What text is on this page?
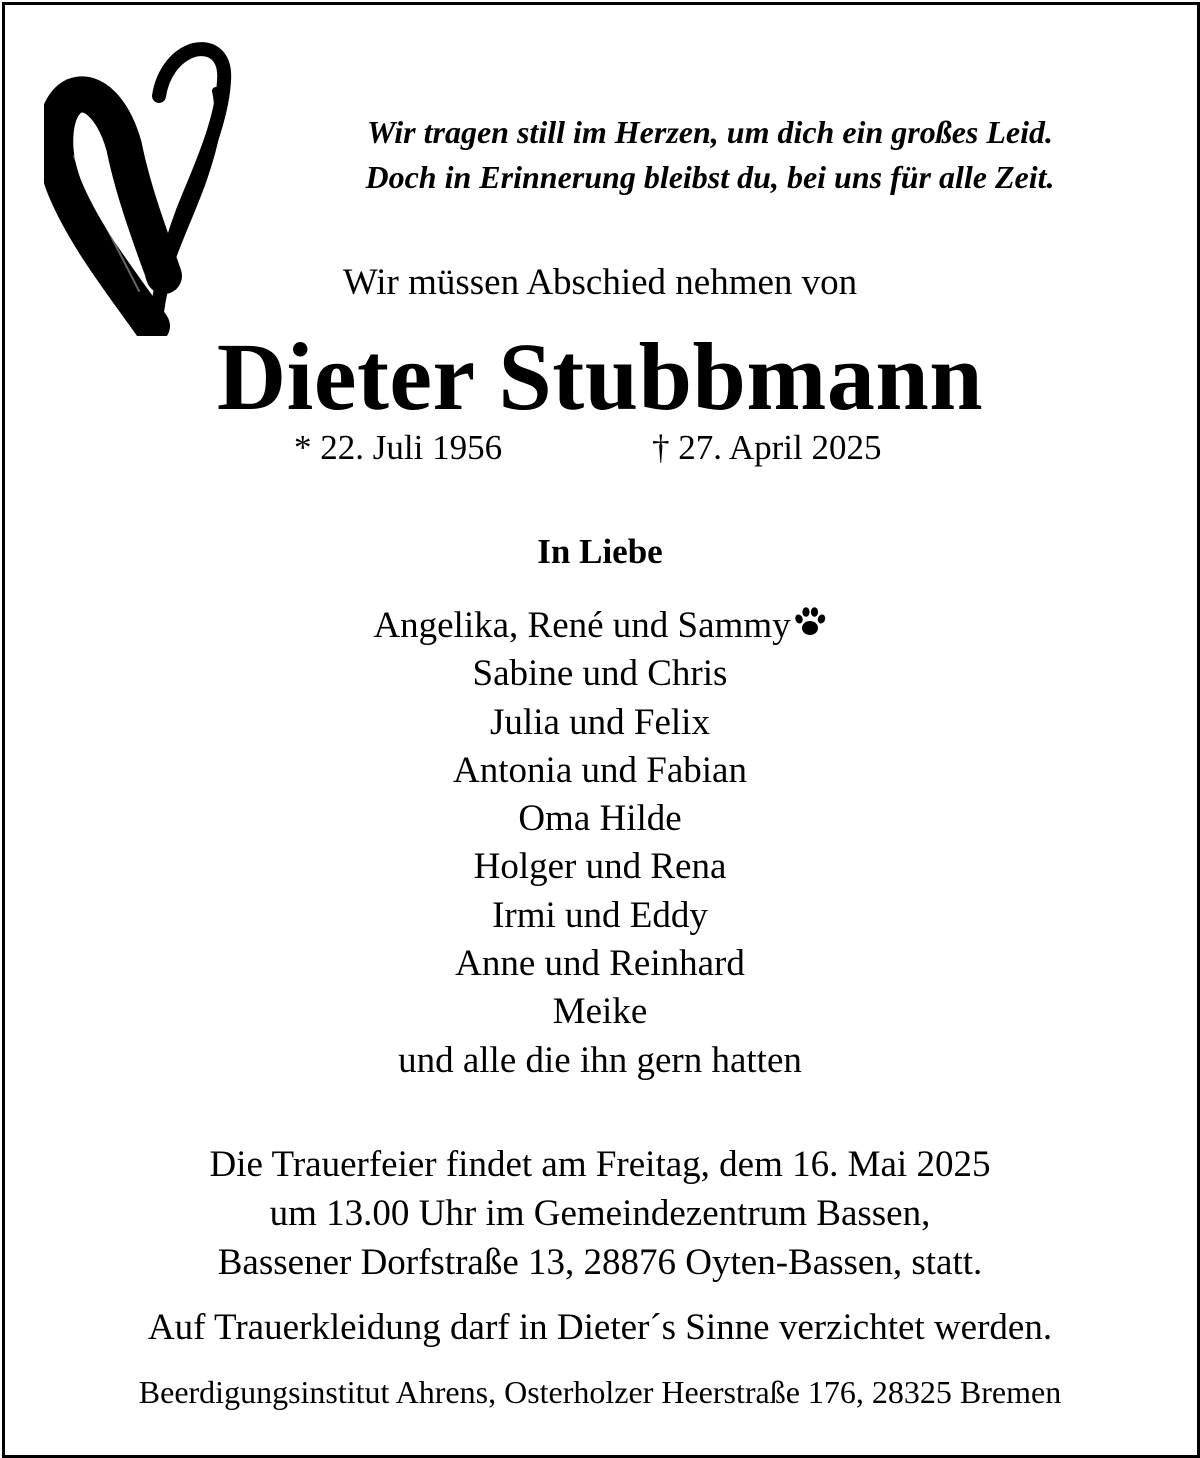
Wir tragen still im Herzen, um dich ein großes Leid.
Doch in Erinnerung bleibst du, bei uns für alle Zeit.
Wir müssen Abschied nehmen von
Dieter Stubbmann
* 22. Juli 1956	† 27. April 2025
In Liebe
Angelika, René und Sammy
Sabine und Chris
Julia und Felix
Antonia und Fabian
Oma Hilde
Holger und Rena
Irmi und Eddy
Anne und Reinhard
Meike
und alle die ihn gern hatten
Die Trauerfeier findet am Freitag, dem 16. Mai 2025
um 13.00 Uhr im Gemeindezentrum Bassen,
Bassener Dorfstraße 13, 28876 Oyten-Bassen, statt.
Auf Trauerkleidung darf in Dieter´s Sinne verzichtet werden.
Beerdigungsinstitut Ahrens, Osterholzer Heerstraße 176, 28325 Bremen
